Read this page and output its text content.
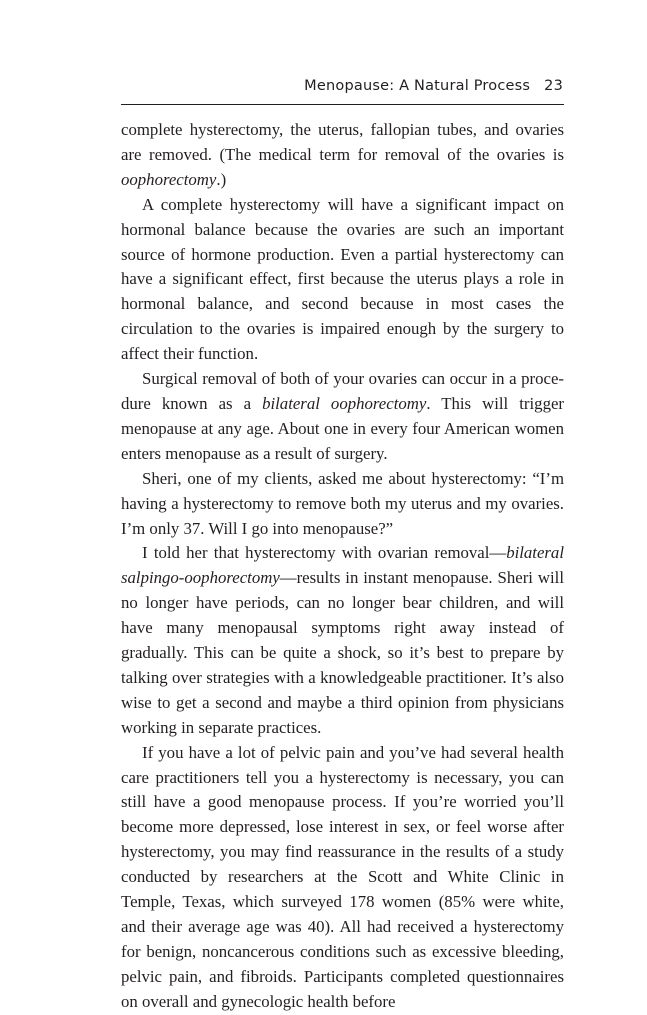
Menopause: A Natural Process 23

complete hysterectomy, the uterus, fallopian tubes, and ovaries are removed. (The medical term for removal of the ovaries is oophorectomy.)

A complete hysterectomy will have a significant impact on hormonal balance because the ovaries are such an important source of hormone production. Even a partial hysterectomy can have a significant effect, first because the uterus plays a role in hormonal balance, and second because in most cases the circulation to the ovaries is impaired enough by the surgery to affect their function.

Surgical removal of both of your ovaries can occur in a procedure known as a bilateral oophorectomy. This will trigger menopause at any age. About one in every four American women enters menopause as a result of surgery.

Sheri, one of my clients, asked me about hysterectomy: “I’m having a hysterectomy to remove both my uterus and my ovaries. I’m only 37. Will I go into menopause?”

I told her that hysterectomy with ovarian removal—bilateral salpingo-oophorectomy—results in instant menopause. Sheri will no longer have periods, can no longer bear children, and will have many menopausal symptoms right away instead of gradually. This can be quite a shock, so it’s best to prepare by talking over strategies with a knowledgeable practitioner. It’s also wise to get a second and maybe a third opinion from physicians working in separate practices.

If you have a lot of pelvic pain and you’ve had several health care practitioners tell you a hysterectomy is necessary, you can still have a good menopause process. If you’re worried you’ll become more depressed, lose interest in sex, or feel worse after hysterectomy, you may find reassurance in the results of a study conducted by researchers at the Scott and White Clinic in Temple, Texas, which surveyed 178 women (85% were white, and their average age was 40). All had received a hysterectomy for benign, noncancerous conditions such as excessive bleeding, pelvic pain, and fibroids. Participants completed questionnaires on overall and gynecologic health before
